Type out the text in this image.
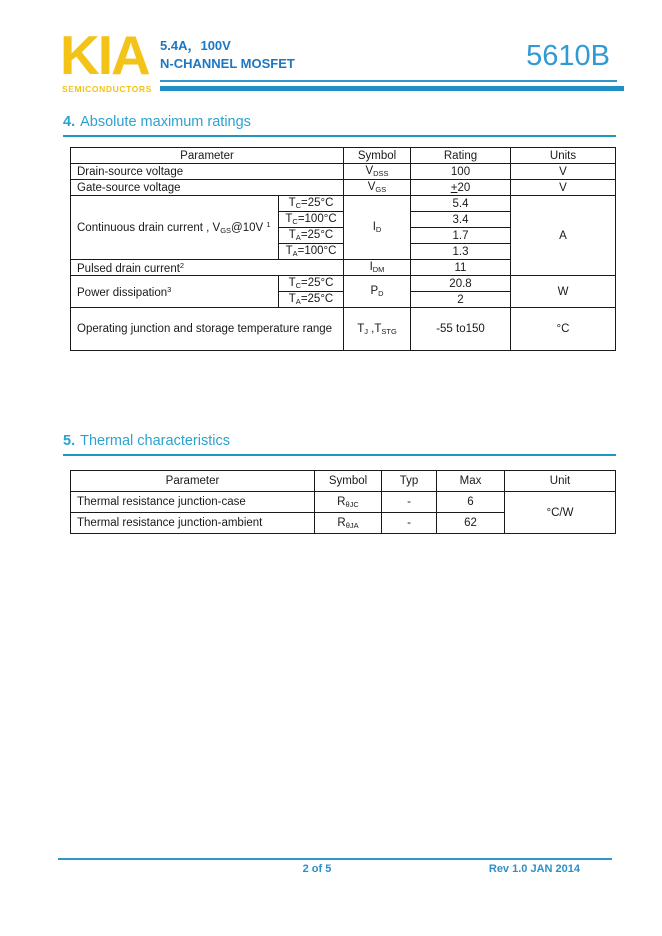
KIA
SEMICONDUCTORS
5.4A，100V
N-CHANNEL MOSFET	5610B
4. Absolute maximum ratings
Parameter		Symbol	Rating	Units
Drain-source voltage		$V_{DSS}$	100	V
Gate-source voltage		$V_{GS}$	+20	V
Continuous drain current , $V_{GS}@10V$ $^1$	$T_C=25^\circ C$	$I_D$	5.4	A
	$T_C=100^\circ C$		3.4	
	$T_A=25^\circ C$		1.7	
	$T_A=100^\circ C$		1.3	
Pulsed drain current$^2$		$I_{DM}$	11	
Power dissipation$^3$	$T_C=25^\circ C$	$P_D$	20.8	W
	$T_A=25^\circ C$		2	
Operating junction and storage temperature range		$T_J$ $,T_{STG}$	-55 to150	°C
5. Thermal characteristics
Parameter	Symbol	Typ	Max	Unit
Thermal resistance junction-case	$R_{\theta JC}$	-	6	°C/W
Thermal resistance junction-ambient	$R_{\theta JA}$	-	62	
2 of 5	Rev 1.0 JAN 2014
